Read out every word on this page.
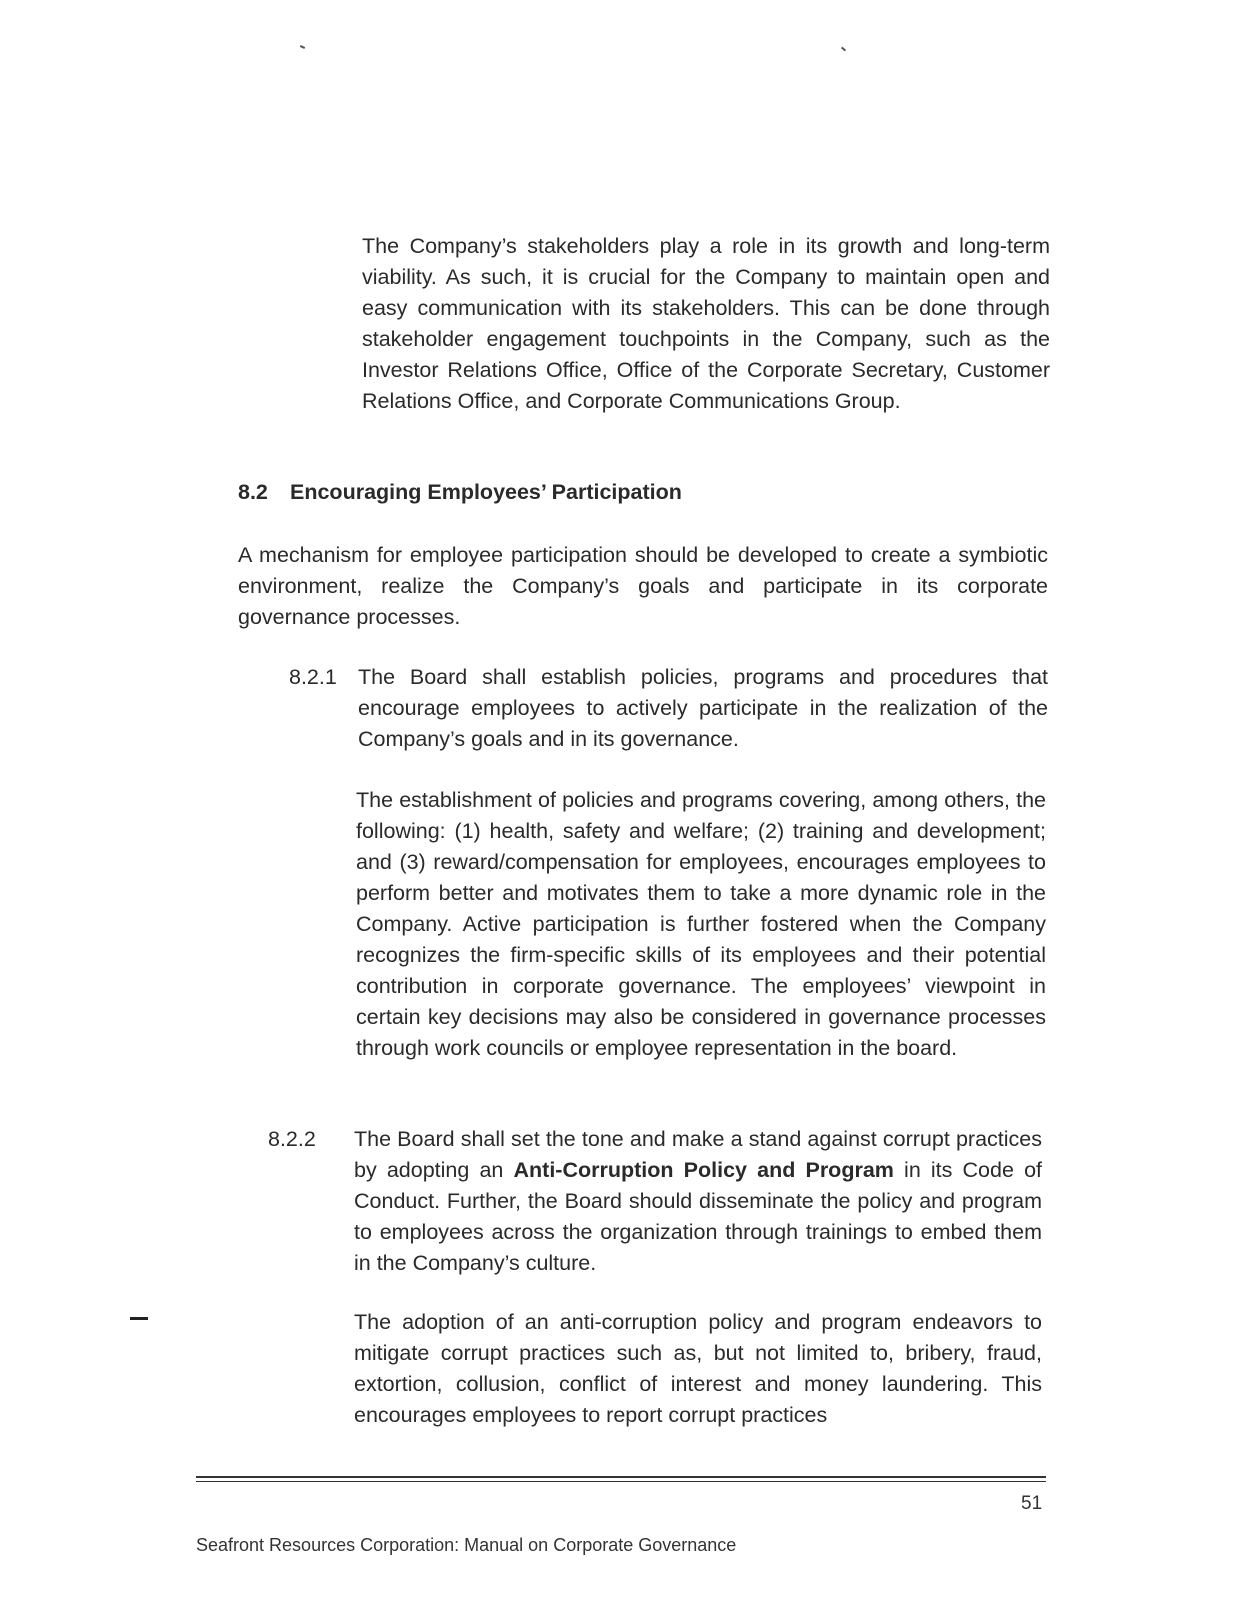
The Company’s stakeholders play a role in its growth and long-term viability. As such, it is crucial for the Company to maintain open and easy communication with its stakeholders. This can be done through stakeholder engagement touchpoints in the Company, such as the Investor Relations Office, Office of the Corporate Secretary, Customer Relations Office, and Corporate Communications Group.

8.2 Encouraging Employees’ Participation

A mechanism for employee participation should be developed to create a symbiotic environment, realize the Company’s goals and participate in its corporate governance processes.

8.2.1 The Board shall establish policies, programs and procedures that encourage employees to actively participate in the realization of the Company’s goals and in its governance.

The establishment of policies and programs covering, among others, the following: (1) health, safety and welfare; (2) training and development; and (3) reward/compensation for employees, encourages employees to perform better and motivates them to take a more dynamic role in the Company. Active participation is further fostered when the Company recognizes the firm-specific skills of its employees and their potential contribution in corporate governance. The employees’ viewpoint in certain key decisions may also be considered in governance processes through work councils or employee representation in the board.

8.2.2 The Board shall set the tone and make a stand against corrupt practices by adopting an Anti-Corruption Policy and Program in its Code of Conduct. Further, the Board should disseminate the policy and program to employees across the organization through trainings to embed them in the Company’s culture.

The adoption of an anti-corruption policy and program endeavors to mitigate corrupt practices such as, but not limited to, bribery, fraud, extortion, collusion, conflict of interest and money laundering. This encourages employees to report corrupt practices

Seafront Resources Corporation: Manual on Corporate Governance
51
